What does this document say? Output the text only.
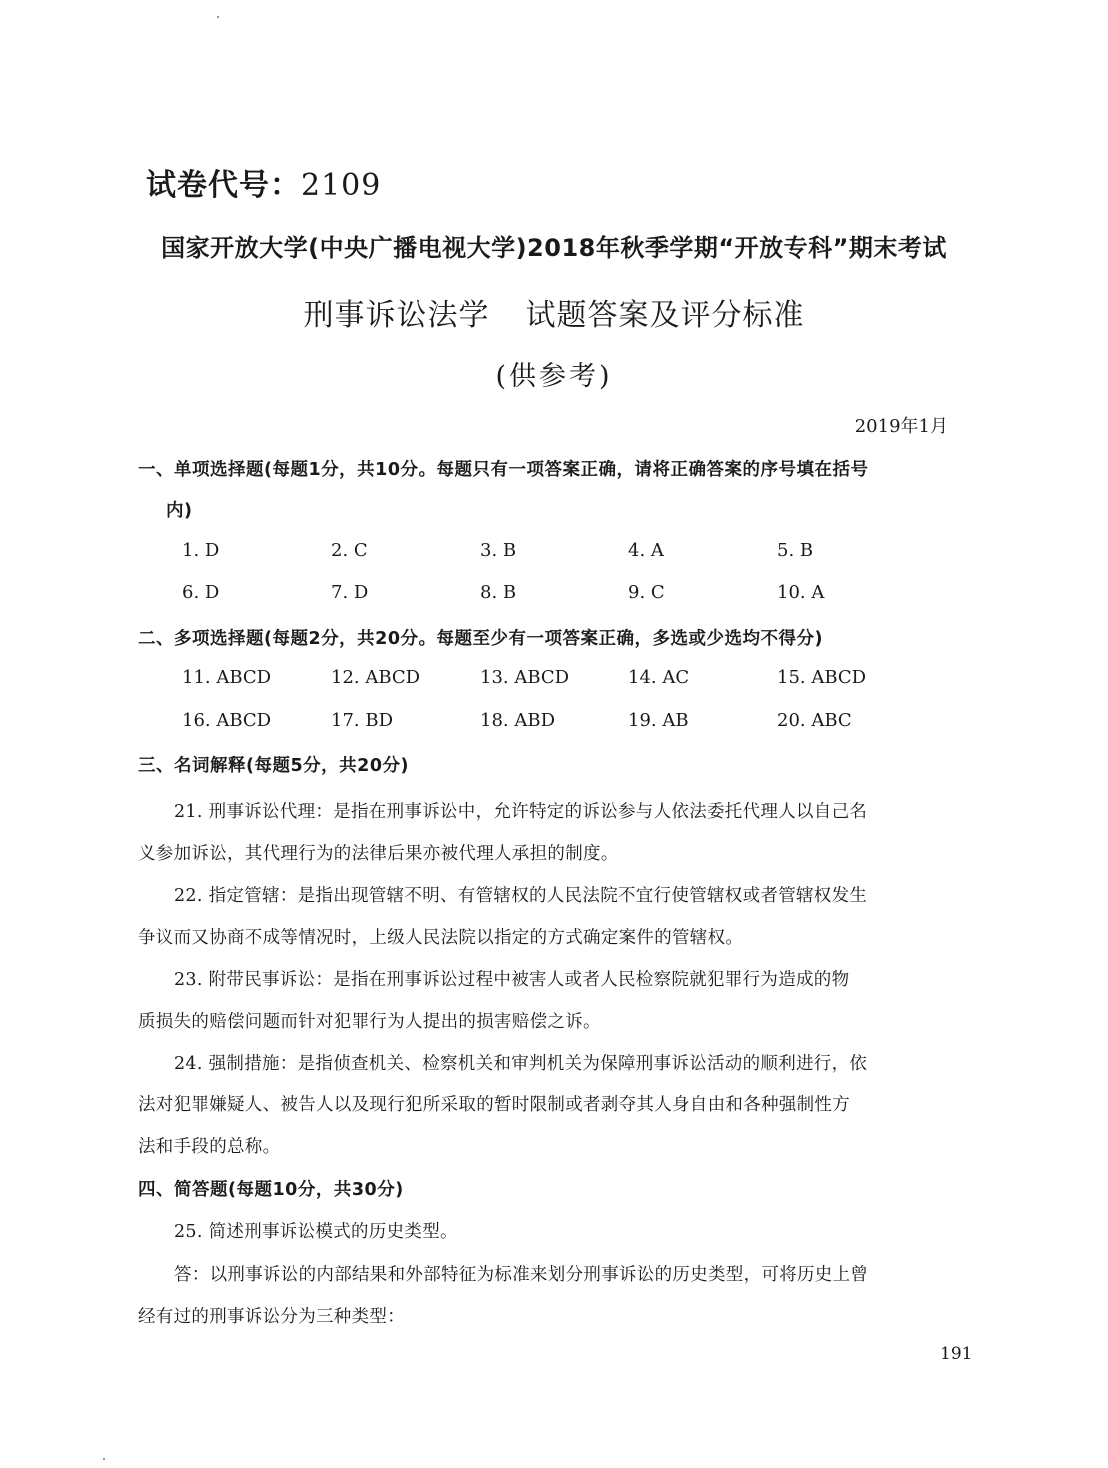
试卷代号：2109
国家开放大学(中央广播电视大学)2018年秋季学期“开放专科”期末考试
刑事诉讼法学 试题答案及评分标准
(供参考)
2019年1月
一、单项选择题(每题1分，共10分。每题只有一项答案正确，请将正确答案的序号填在括号
内)
1. D	2. C	3. B	4. A	5. B
6. D	7. D	8. B	9. C	10. A
二、多项选择题(每题2分，共20分。每题至少有一项答案正确，多选或少选均不得分)
11. ABCD	12. ABCD	13. ABCD	14. AC	15. ABCD
16. ABCD	17. BD	18. ABD	19. AB	20. ABC
三、名词解释(每题5分，共20分)
21. 刑事诉讼代理：是指在刑事诉讼中，允许特定的诉讼参与人依法委托代理人以自己名
义参加诉讼，其代理行为的法律后果亦被代理人承担的制度。
22. 指定管辖：是指出现管辖不明、有管辖权的人民法院不宜行使管辖权或者管辖权发生
争议而又协商不成等情况时，上级人民法院以指定的方式确定案件的管辖权。
23. 附带民事诉讼：是指在刑事诉讼过程中被害人或者人民检察院就犯罪行为造成的物
质损失的赔偿问题而针对犯罪行为人提出的损害赔偿之诉。
24. 强制措施：是指侦查机关、检察机关和审判机关为保障刑事诉讼活动的顺利进行，依
法对犯罪嫌疑人、被告人以及现行犯所采取的暂时限制或者剥夺其人身自由和各种强制性方
法和手段的总称。
四、简答题(每题10分，共30分)
25. 简述刑事诉讼模式的历史类型。
答：以刑事诉讼的内部结果和外部特征为标准来划分刑事诉讼的历史类型，可将历史上曾
经有过的刑事诉讼分为三种类型：
191
